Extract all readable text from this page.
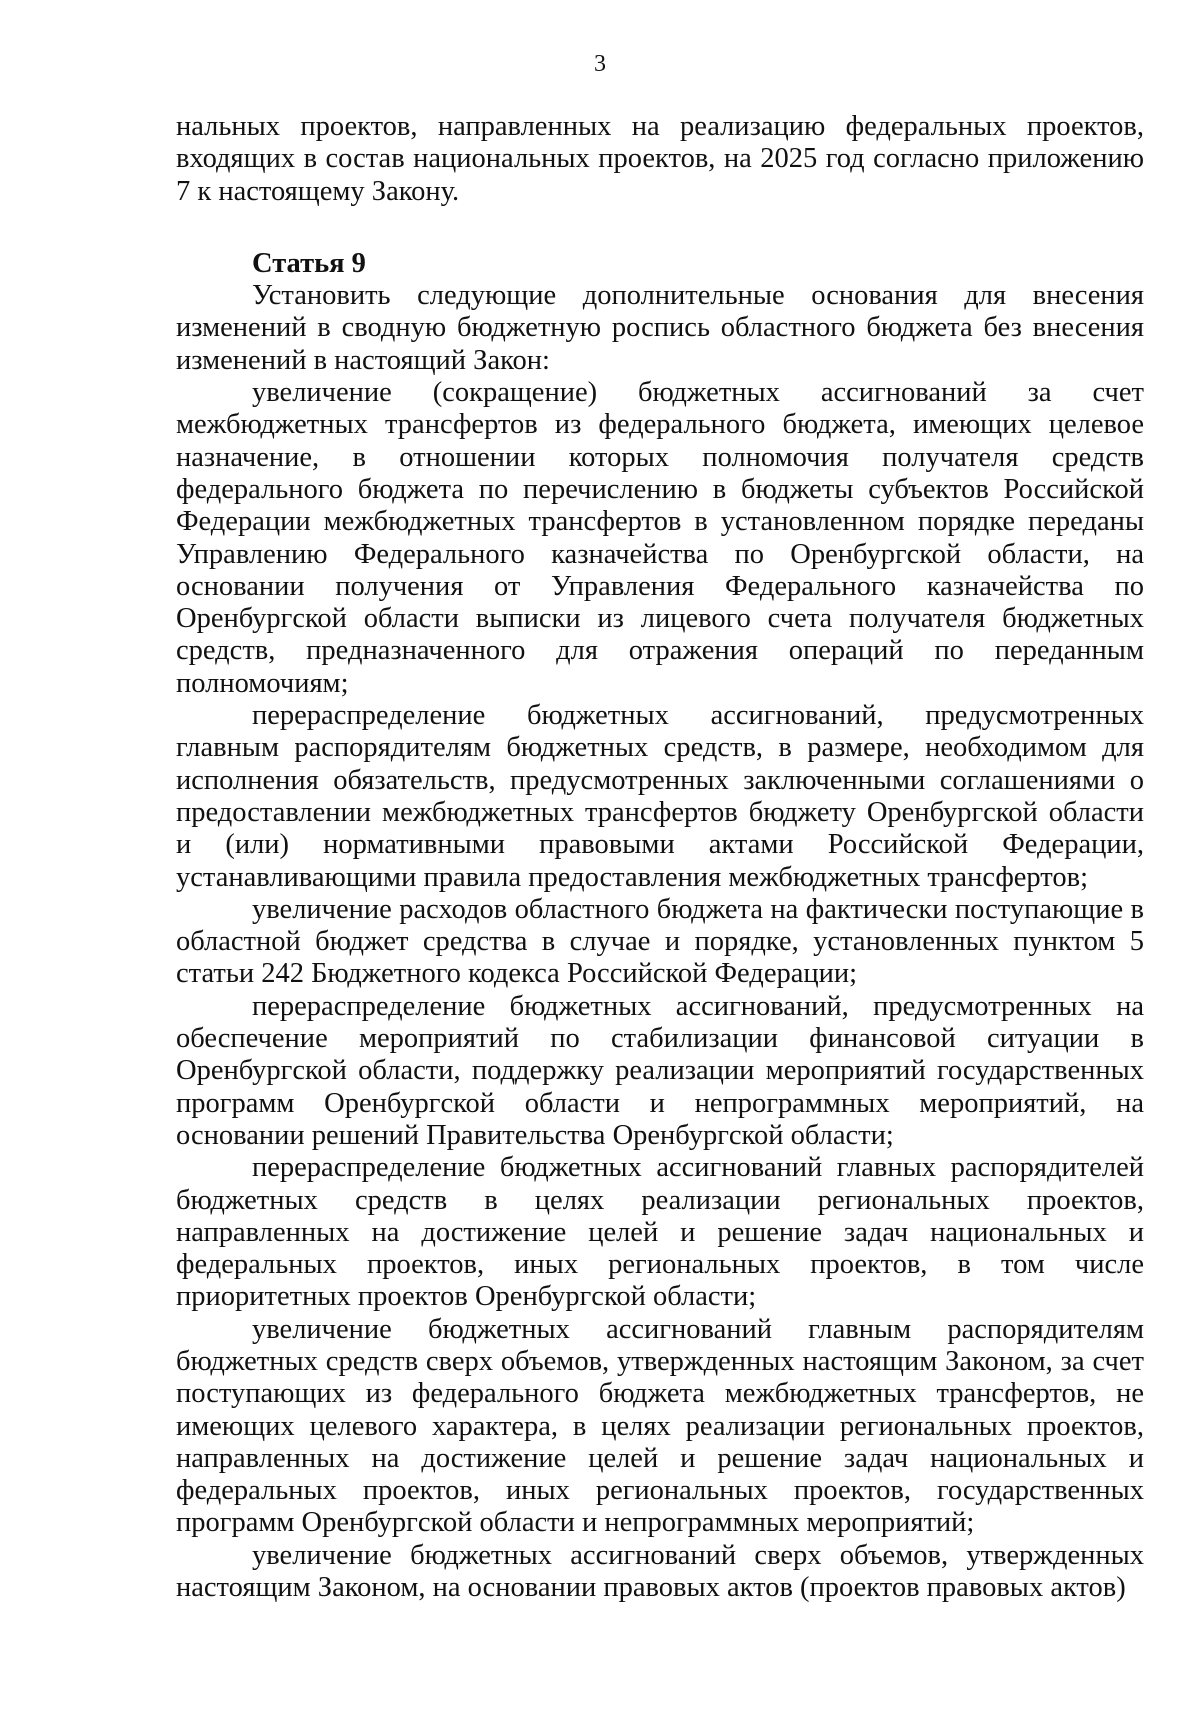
3

нальных проектов, направленных на реализацию федеральных проектов, входящих в состав национальных проектов, на 2025 год согласно приложению 7 к настоящему Закону.

Статья 9

Установить следующие дополнительные основания для внесения изменений в сводную бюджетную роспись областного бюджета без внесения изменений в настоящий Закон:

увеличение (сокращение) бюджетных ассигнований за счет межбюджетных трансфертов из федерального бюджета, имеющих целевое назначение, в отношении которых полномочия получателя средств федерального бюджета по перечислению в бюджеты субъектов Российской Федерации межбюджетных трансфертов в установленном порядке переданы Управлению Федерального казначейства по Оренбургской области, на основании получения от Управления Федерального казначейства по Оренбургской области выписки из лицевого счета получателя бюджетных средств, предназначенного для отражения операций по переданным полномочиям;

перераспределение бюджетных ассигнований, предусмотренных главным распорядителям бюджетных средств, в размере, необходимом для исполнения обязательств, предусмотренных заключенными соглашениями о предоставлении межбюджетных трансфертов бюджету Оренбургской области и (или) нормативными правовыми актами Российской Федерации, устанавливающими правила предоставления межбюджетных трансфертов;

увеличение расходов областного бюджета на фактически поступающие в областной бюджет средства в случае и порядке, установленных пунктом 5 статьи 242 Бюджетного кодекса Российской Федерации;

перераспределение бюджетных ассигнований, предусмотренных на обеспечение мероприятий по стабилизации финансовой ситуации в Оренбургской области, поддержку реализации мероприятий государственных программ Оренбургской области и непрограммных мероприятий, на основании решений Правительства Оренбургской области;

перераспределение бюджетных ассигнований главных распорядителей бюджетных средств в целях реализации региональных проектов, направленных на достижение целей и решение задач национальных и федеральных проектов, иных региональных проектов, в том числе приоритетных проектов Оренбургской области;

увеличение бюджетных ассигнований главным распорядителям бюджетных средств сверх объемов, утвержденных настоящим Законом, за счет поступающих из федерального бюджета межбюджетных трансфертов, не имеющих целевого характера, в целях реализации региональных проектов, направленных на достижение целей и решение задач национальных и федеральных проектов, иных региональных проектов, государственных программ Оренбургской области и непрограммных мероприятий;

увеличение бюджетных ассигнований сверх объемов, утвержденных настоящим Законом, на основании правовых актов (проектов правовых актов)
